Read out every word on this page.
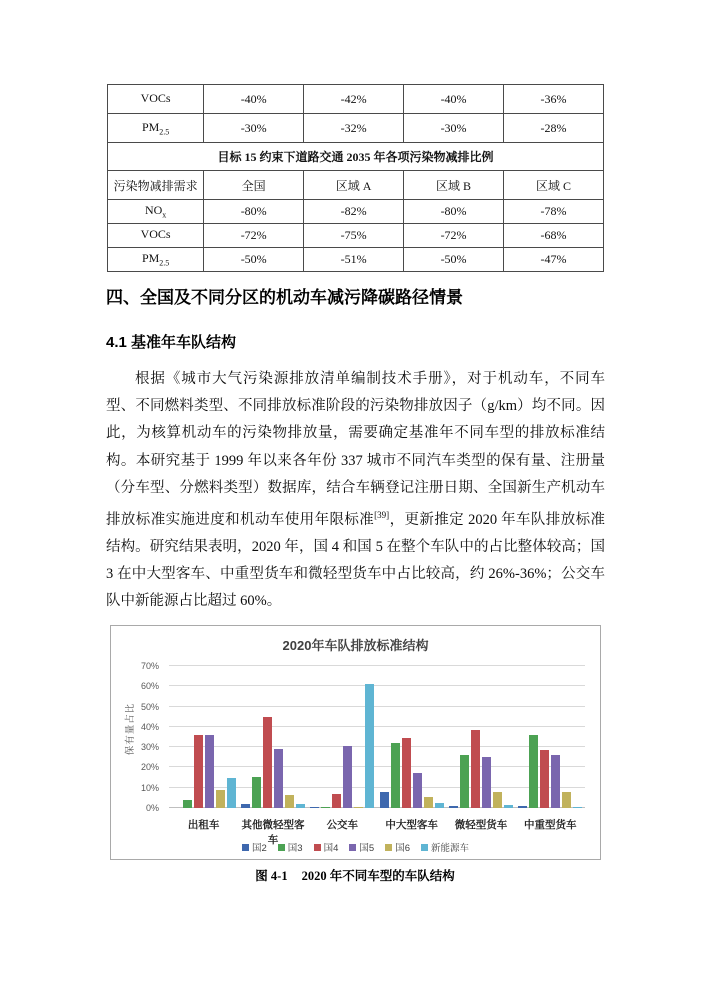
VOCs	-40%	-42%	-40%	-36%
$PM_{2.5}$	-30%	-32%	-30%	-28%
目标 15 约束下道路交通 2035 年各项污染物减排比例				
污染物减排需求	全国	区域 A	区域 B	区域 C
$NO_x$	-80%	-82%	-80%	-78%
VOCs	-72%	-75%	-72%	-68%
$PM_{2.5}$	-50%	-51%	-50%	-47%
四、全国及不同分区的机动车减污降碳路径情景
4.1 基准年车队结构
根据《城市大气污染源排放清单编制技术手册》，对于机动车，不同车型、不同燃料类型、不同排放标准阶段的污染物排放因子（g/km）均不同。因此，为核算机动车的污染物排放量，需要确定基准年不同车型的排放标准结构。本研究基于 1999 年以来各年份 337 城市不同汽车类型的保有量、注册量（分车型、分燃料类型）数据库，结合车辆登记注册日期、全国新生产机动车排放标准实施进度和机动车使用年限标准[39]，更新推定 2020 年车队排放标准结构。研究结果表明，2020 年，国 4 和国 5 在整个车队中的占比整体较高；国 3 在中大型客车、中重型货车和微轻型货车中占比较高，约 26%-36%；公交车队中新能源占比超过 60%。
2020年车队排放标准结构
保有量占比
0%
10%
20%
30%
40%
50%
60%
70%
出租车	其他微轻型客车
公交车	中大型客车	微轻型货车	中重型货车
国2 国3 国4 国5 国6 新能源车
图 4-1 2020 年不同车型的车队结构
